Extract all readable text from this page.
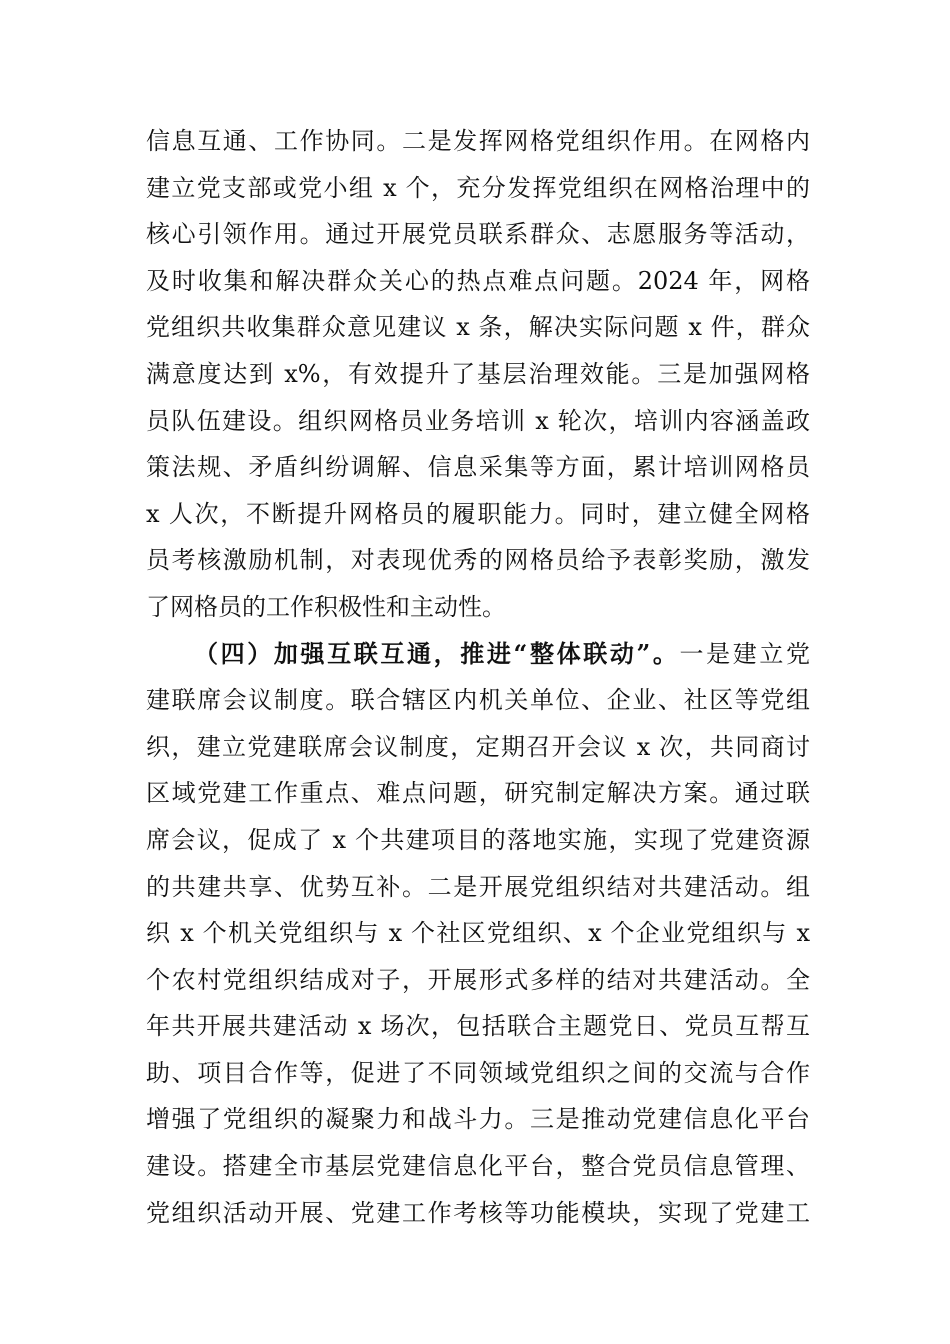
信息互通、工作协同。二是发挥网格党组织作用。在网格内
建立党支部或党小组 x 个，充分发挥党组织在网格治理中的
核心引领作用。通过开展党员联系群众、志愿服务等活动，
及时收集和解决群众关心的热点难点问题。2024 年，网格
党组织共收集群众意见建议 x 条，解决实际问题 x 件，群众
满意度达到 x%，有效提升了基层治理效能。三是加强网格
员队伍建设。组织网格员业务培训 x 轮次，培训内容涵盖政
策法规、矛盾纠纷调解、信息采集等方面，累计培训网格员
x 人次，不断提升网格员的履职能力。同时，建立健全网格
员考核激励机制，对表现优秀的网格员给予表彰奖励，激发
了网格员的工作积极性和主动性。
（四）加强互联互通，推进“整体联动”。一是建立党
建联席会议制度。联合辖区内机关单位、企业、社区等党组
织，建立党建联席会议制度，定期召开会议 x 次，共同商讨
区域党建工作重点、难点问题，研究制定解决方案。通过联
席会议，促成了 x 个共建项目的落地实施，实现了党建资源
的共建共享、优势互补。二是开展党组织结对共建活动。组
织 x 个机关党组织与 x 个社区党组织、x 个企业党组织与 x
个农村党组织结成对子，开展形式多样的结对共建活动。全
年共开展共建活动 x 场次，包括联合主题党日、党员互帮互
助、项目合作等，促进了不同领域党组织之间的交流与合作
增强了党组织的凝聚力和战斗力。三是推动党建信息化平台
建设。搭建全市基层党建信息化平台，整合党员信息管理、
党组织活动开展、党建工作考核等功能模块，实现了党建工
